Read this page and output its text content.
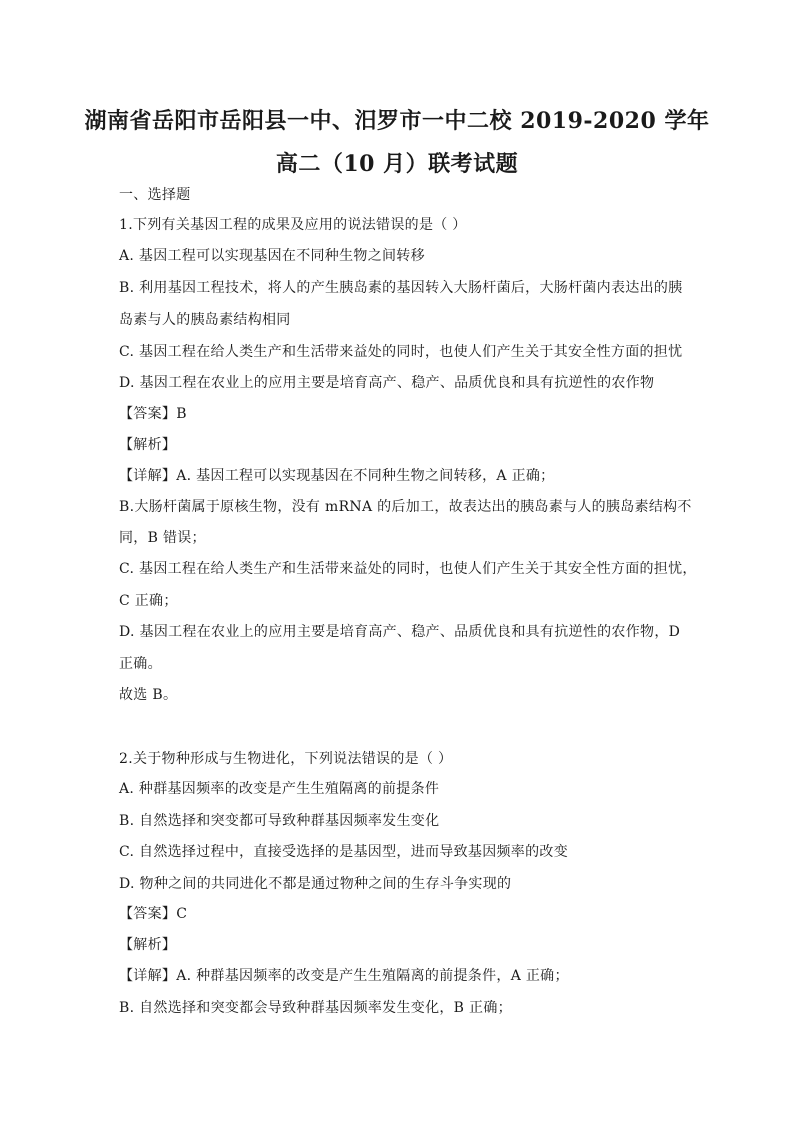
湖南省岳阳市岳阳县一中、汨罗市一中二校 2019-2020 学年
高二（10 月）联考试题
一、选择题
1.下列有关基因工程的成果及应用的说法错误的是（ ）
A. 基因工程可以实现基因在不同种生物之间转移
B. 利用基因工程技术，将人的产生胰岛素的基因转入大肠杆菌后，大肠杆菌内表达出的胰
岛素与人的胰岛素结构相同
C. 基因工程在给人类生产和生活带来益处的同时，也使人们产生关于其安全性方面的担忧
D. 基因工程在农业上的应用主要是培育高产、稳产、品质优良和具有抗逆性的农作物
【答案】B
【解析】
【详解】A. 基因工程可以实现基因在不同种生物之间转移，A 正确；
B.大肠杆菌属于原核生物，没有 mRNA 的后加工，故表达出的胰岛素与人的胰岛素结构不
同，B 错误；
C. 基因工程在给人类生产和生活带来益处的同时，也使人们产生关于其安全性方面的担忧，
C 正确；
D. 基因工程在农业上的应用主要是培育高产、稳产、品质优良和具有抗逆性的农作物，D
正确。
故选 B。
2.关于物种形成与生物进化，下列说法错误的是（ ）
A. 种群基因频率的改变是产生生殖隔离的前提条件
B. 自然选择和突变都可导致种群基因频率发生变化
C. 自然选择过程中，直接受选择的是基因型，进而导致基因频率的改变
D. 物种之间的共同进化不都是通过物种之间的生存斗争实现的
【答案】C
【解析】
【详解】A. 种群基因频率的改变是产生生殖隔离的前提条件，A 正确；
B. 自然选择和突变都会导致种群基因频率发生变化，B 正确；
